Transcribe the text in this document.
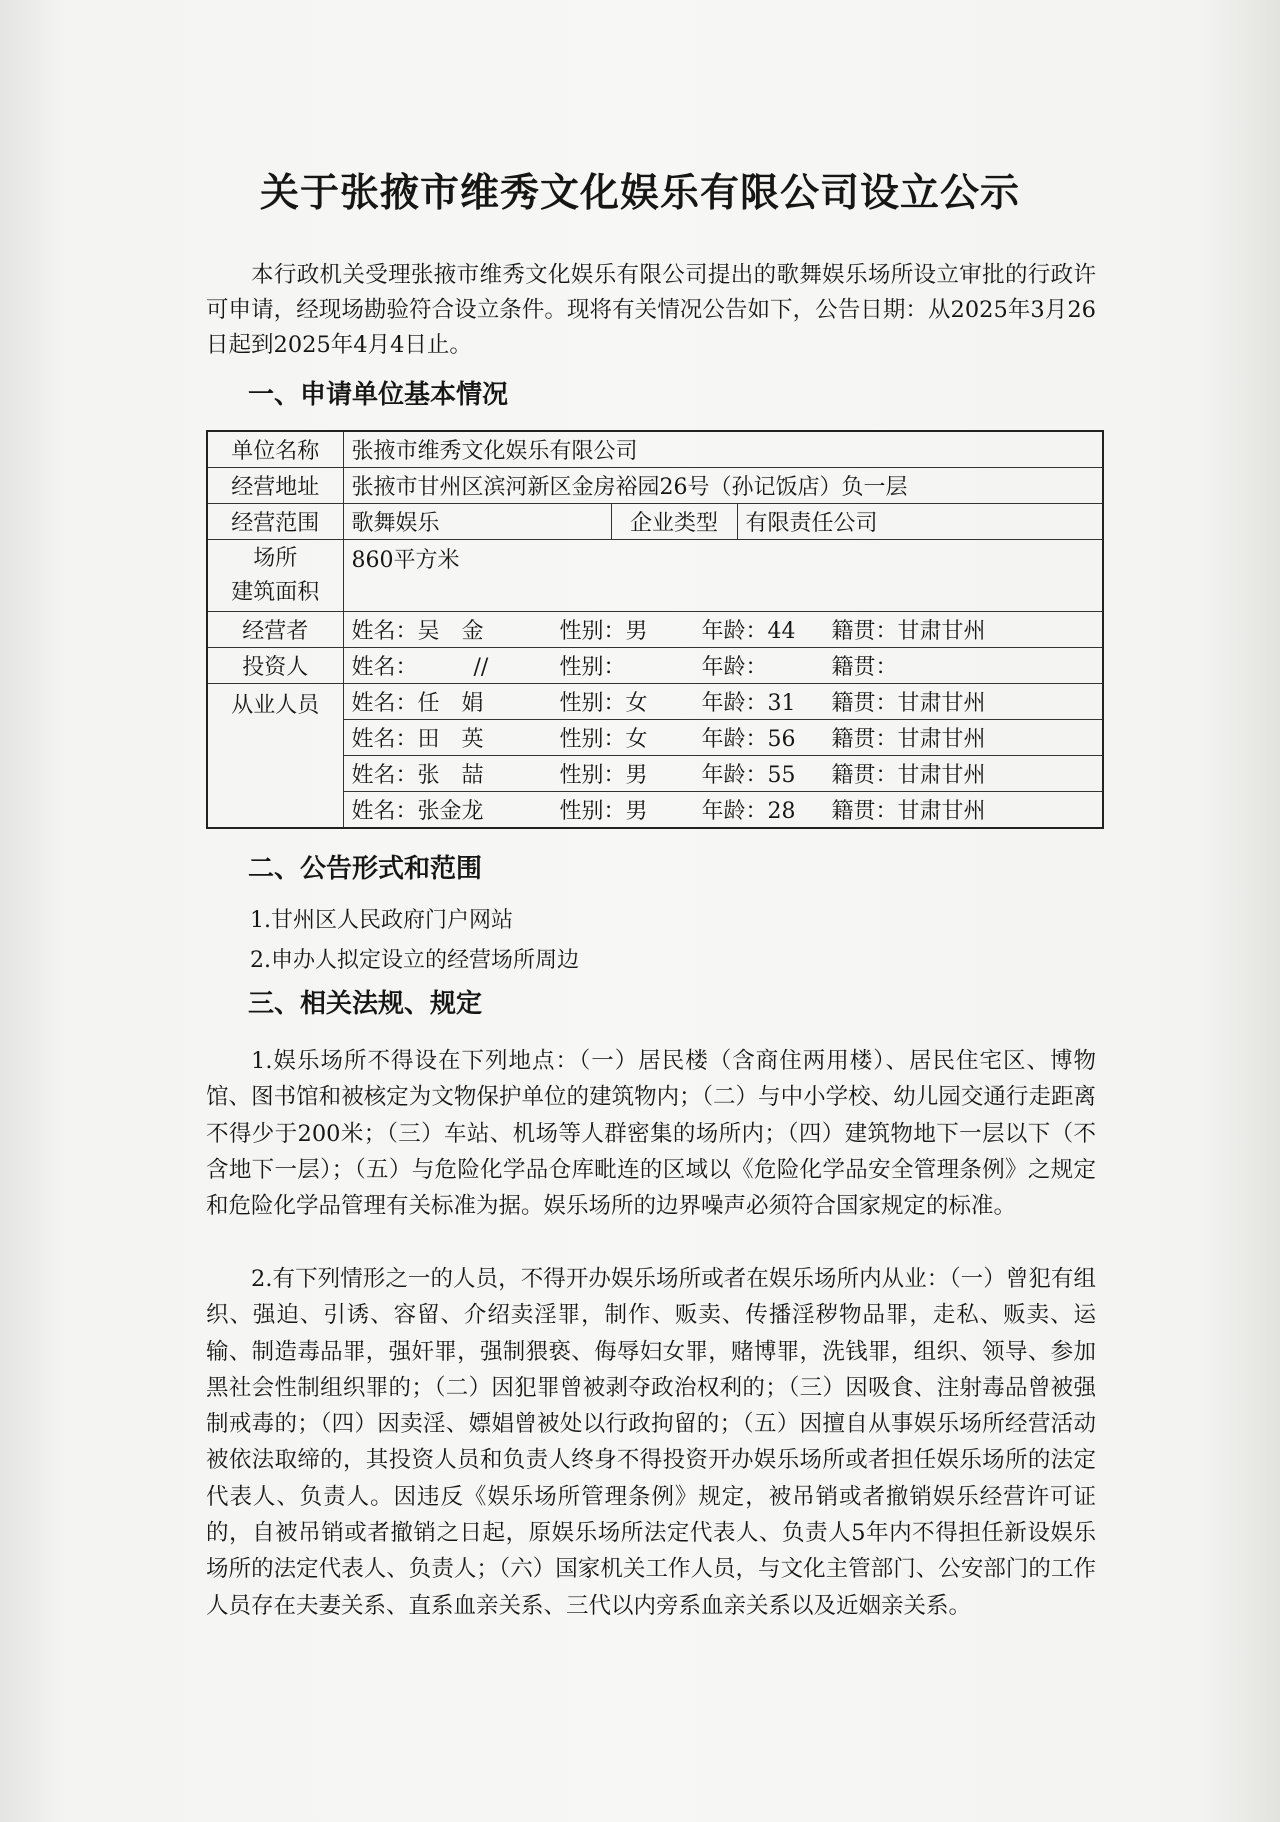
关于张掖市维秀文化娱乐有限公司设立公示

本行政机关受理张掖市维秀文化娱乐有限公司提出的歌舞娱乐场所设立审批的行政许可申请，经现场勘验符合设立条件。现将有关情况公告如下，公告日期：从2025年3月26日起到2025年4月4日止。

一、申请单位基本情况
单位名称	张掖市维秀文化娱乐有限公司		
经营地址	张掖市甘州区滨河新区金房裕园26号（孙记饭店）负一层		
经营范围	歌舞娱乐	企业类型	有限责任公司

场所
建筑面积	860平方米		
经营者	姓名：吴　金 性别：男 年龄：44 籍贯：甘肃甘州		
投资人	姓名： // 性别： 年龄： 籍贯：		
从业人员	姓名：任　娟 性别：女 年龄：31 籍贯：甘肃甘州		
	姓名：田　英 性别：女 年龄：56 籍贯：甘肃甘州		
	姓名：张　喆 性别：男 年龄：55 籍贯：甘肃甘州		
	姓名：张金龙 性别：男 年龄：28 籍贯：甘肃甘州		
二、公告形式和范围

1.甘州区人民政府门户网站

2.申办人拟定设立的经营场所周边

三、相关法规、规定

1.娱乐场所不得设在下列地点：（一）居民楼（含商住两用楼）、居民住宅区、博物馆、图书馆和被核定为文物保护单位的建筑物内；（二）与中小学校、幼儿园交通行走距离不得少于200米；（三）车站、机场等人群密集的场所内；（四）建筑物地下一层以下（不含地下一层）；（五）与危险化学品仓库毗连的区域以《危险化学品安全管理条例》之规定和危险化学品管理有关标准为据。娱乐场所的边界噪声必须符合国家规定的标准。

2.有下列情形之一的人员，不得开办娱乐场所或者在娱乐场所内从业：（一）曾犯有组织、强迫、引诱、容留、介绍卖淫罪，制作、贩卖、传播淫秽物品罪，走私、贩卖、运输、制造毒品罪，强奸罪，强制猥亵、侮辱妇女罪，赌博罪，洗钱罪，组织、领导、参加黑社会性制组织罪的；（二）因犯罪曾被剥夺政治权利的；（三）因吸食、注射毒品曾被强制戒毒的；（四）因卖淫、嫖娼曾被处以行政拘留的；（五）因擅自从事娱乐场所经营活动被依法取缔的，其投资人员和负责人终身不得投资开办娱乐场所或者担任娱乐场所的法定代表人、负责人。因违反《娱乐场所管理条例》规定，被吊销或者撤销娱乐经营许可证的，自被吊销或者撤销之日起，原娱乐场所法定代表人、负责人5年内不得担任新设娱乐场所的法定代表人、负责人；（六）国家机关工作人员，与文化主管部门、公安部门的工作人员存在夫妻关系、直系血亲关系、三代以内旁系血亲关系以及近姻亲关系。
